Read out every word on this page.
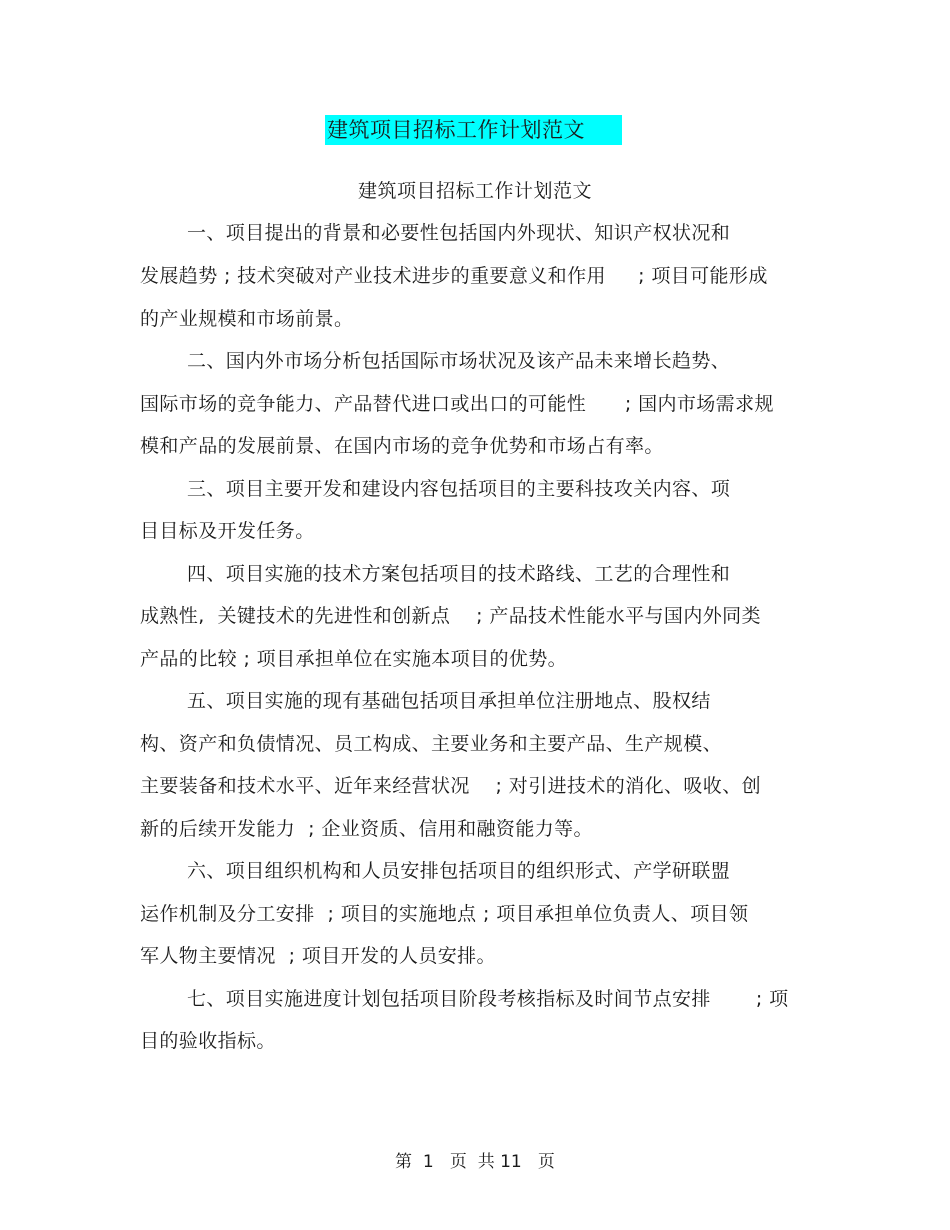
建筑项目招标工作计划范文
建筑项目招标工作计划范文
一、项目提出的背景和必要性包括国内外现状、知识产权状况和
发展趋势 ; 技术突破对产业技术进步的重要意义和作用     ; 项目可能形成
的产业规模和市场前景。
二、国内外市场分析包括国际市场状况及该产品未来增长趋势、
国际市场的竞争能力、产品替代进口或出口的可能性      ; 国内市场需求规
模和产品的发展前景、在国内市场的竞争优势和市场占有率。
三、项目主要开发和建设内容包括项目的主要科技攻关内容、项
目目标及开发任务。
四、项目实施的技术方案包括项目的技术路线、工艺的合理性和
成熟性,  关键技术的先进性和创新点    ; 产品技术性能水平与国内外同类
产品的比较 ; 项目承担单位在实施本项目的优势。
五、项目实施的现有基础包括项目承担单位注册地点、股权结
构、资产和负债情况、员工构成、主要业务和主要产品、生产规模、
主要装备和技术水平、近年来经营状况    ; 对引进技术的消化、吸收、创
新的后续开发能力  ; 企业资质、信用和融资能力等。
六、项目组织机构和人员安排包括项目的组织形式、产学研联盟
运作机制及分工安排  ; 项目的实施地点 ; 项目承担单位负责人、项目领
军人物主要情况  ; 项目开发的人员安排。
七、项目实施进度计划包括项目阶段考核指标及时间节点安排       ; 项
目的验收指标。
第  1   页  共 11   页
